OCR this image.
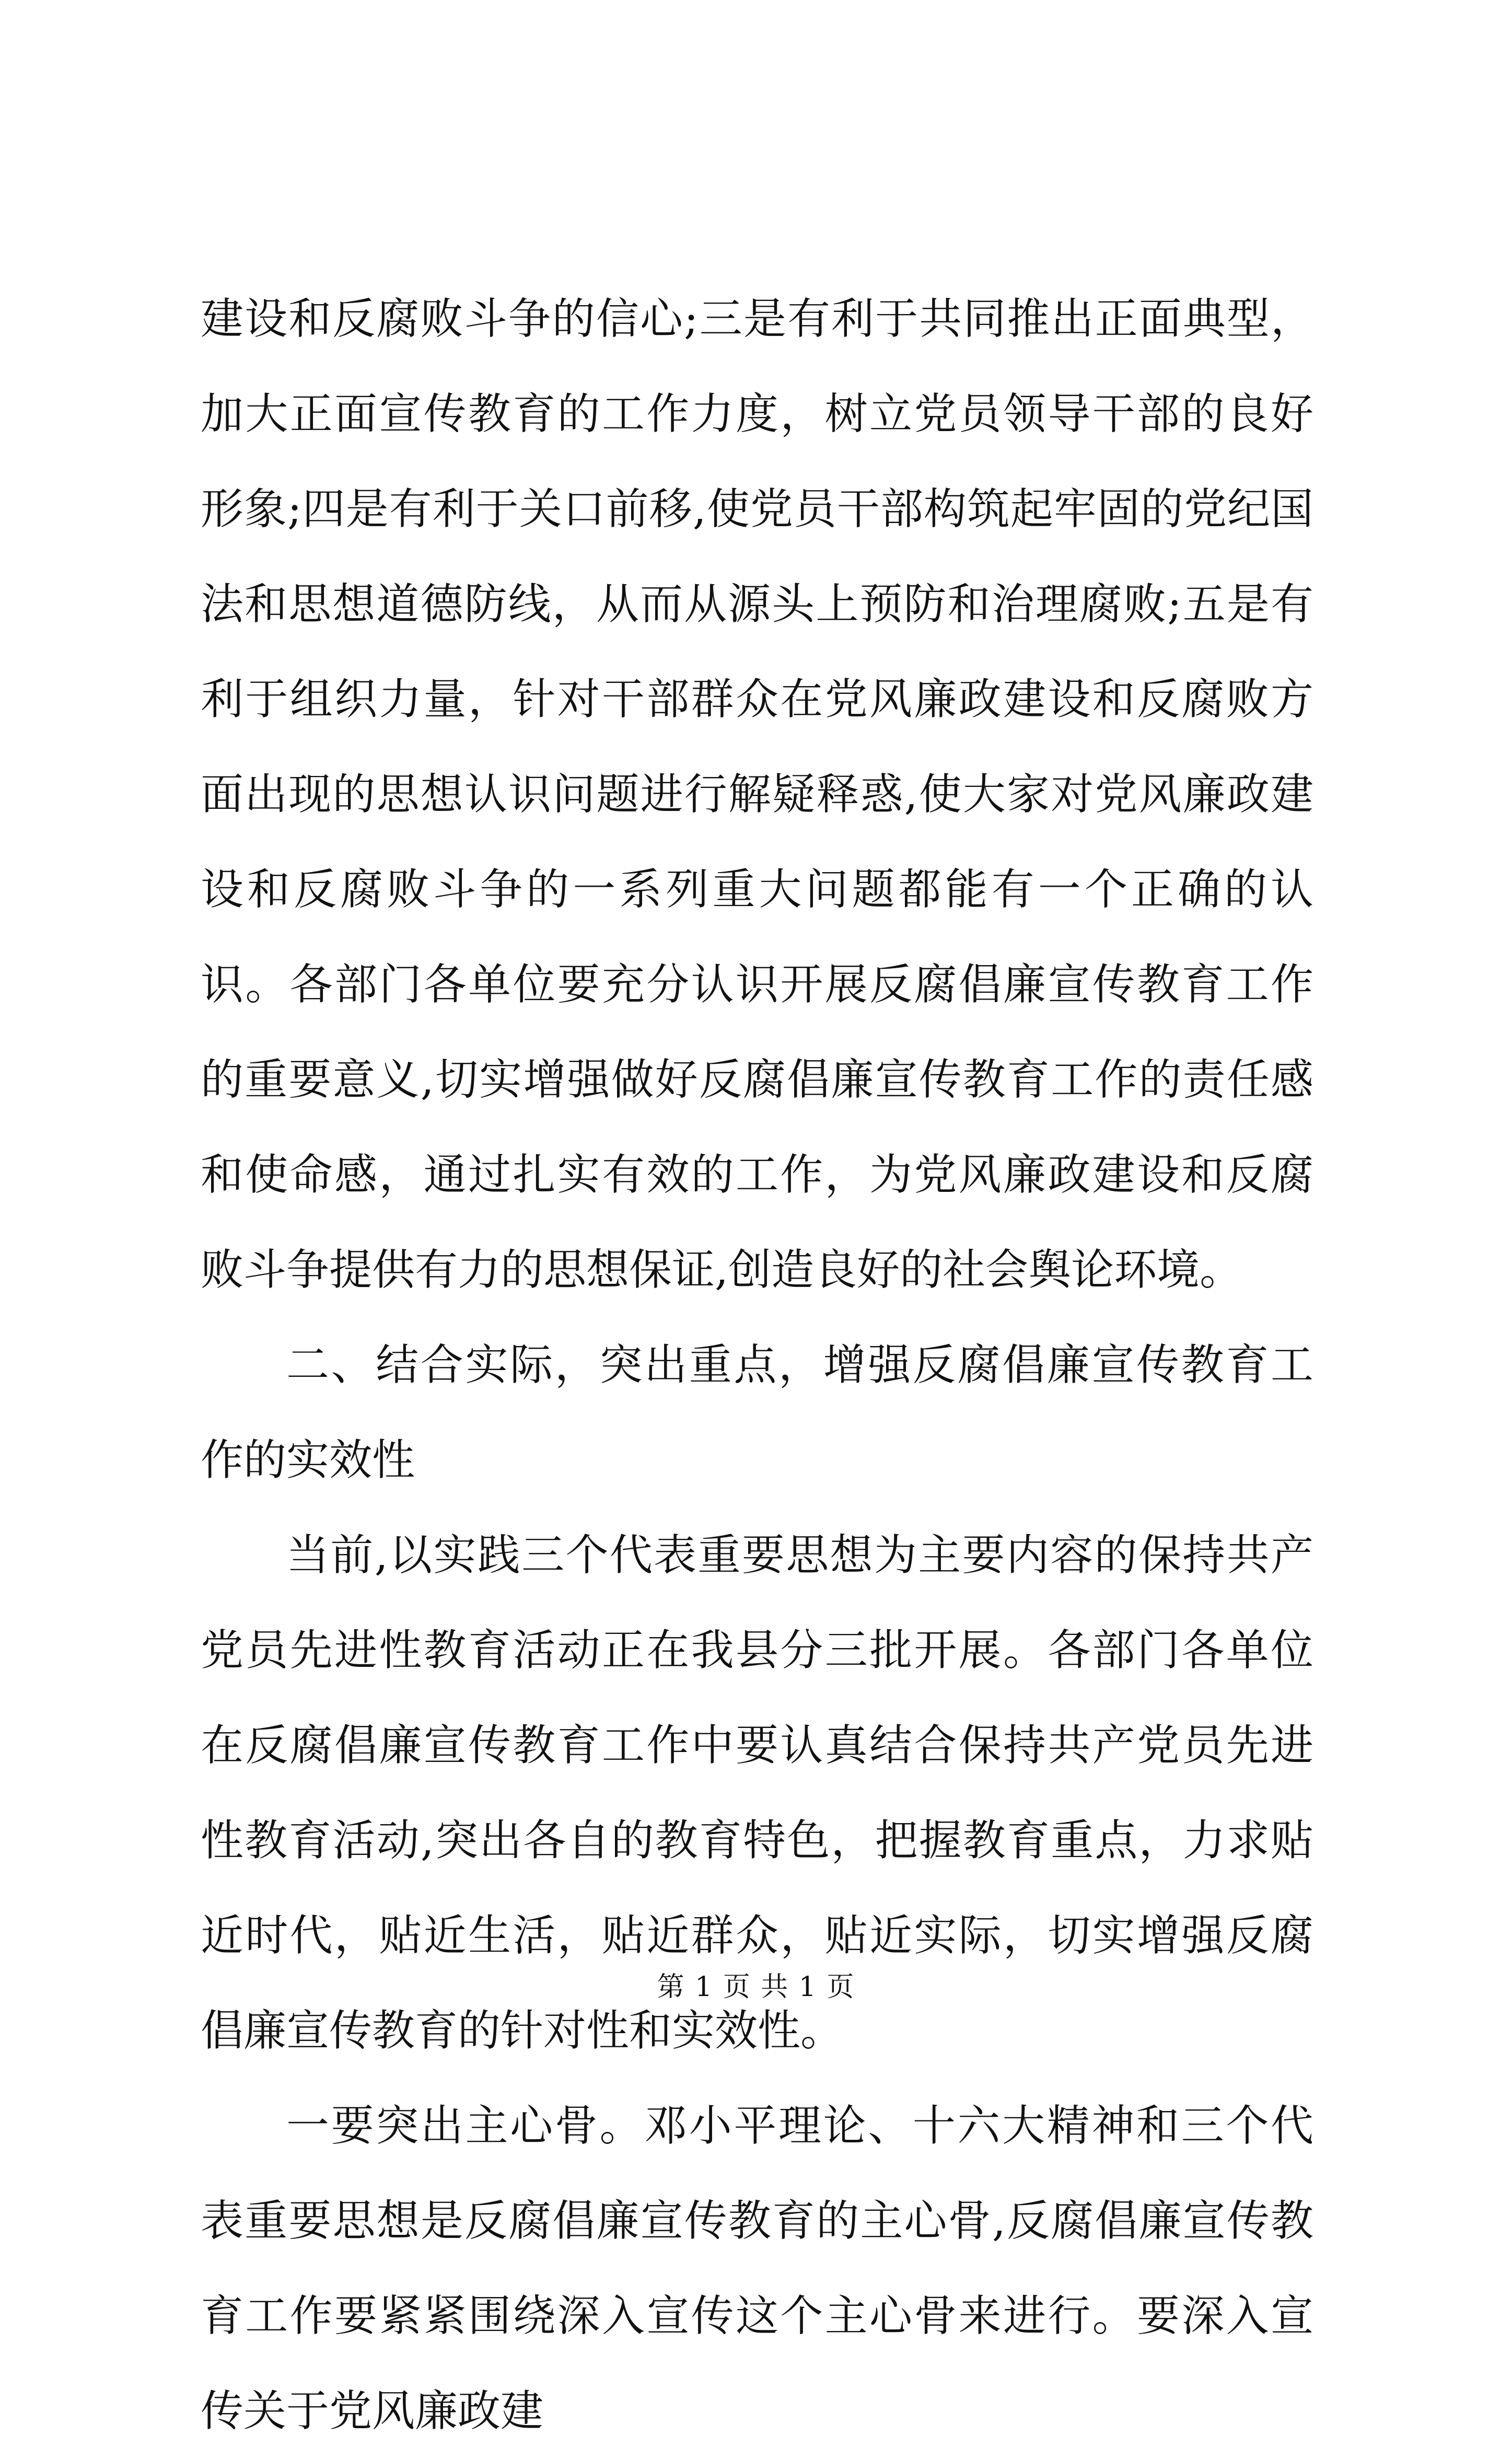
建设和反腐败斗争的信心;三是有利于共同推出正面典型，加大正面宣传教育的工作力度，树立党员领导干部的良好形象;四是有利于关口前移,使党员干部构筑起牢固的党纪国法和思想道德防线，从而从源头上预防和治理腐败;五是有利于组织力量，针对干部群众在党风廉政建设和反腐败方面出现的思想认识问题进行解疑释惑,使大家对党风廉政建设和反腐败斗争的一系列重大问题都能有一个正确的认识。各部门各单位要充分认识开展反腐倡廉宣传教育工作的重要意义,切实增强做好反腐倡廉宣传教育工作的责任感和使命感，通过扎实有效的工作，为党风廉政建设和反腐败斗争提供有力的思想保证,创造良好的社会舆论环境。

二、结合实际，突出重点，增强反腐倡廉宣传教育工作的实效性

当前,以实践三个代表重要思想为主要内容的保持共产党员先进性教育活动正在我县分三批开展。各部门各单位在反腐倡廉宣传教育工作中要认真结合保持共产党员先进性教育活动,突出各自的教育特色，把握教育重点，力求贴近时代，贴近生活，贴近群众，贴近实际，切实增强反腐倡廉宣传教育的针对性和实效性。

一要突出主心骨。邓小平理论、十六大精神和三个代表重要思想是反腐倡廉宣传教育的主心骨,反腐倡廉宣传教育工作要紧紧围绕深入宣传这个主心骨来进行。要深入宣传关于党风廉政建

第 1 页 共 1 页
